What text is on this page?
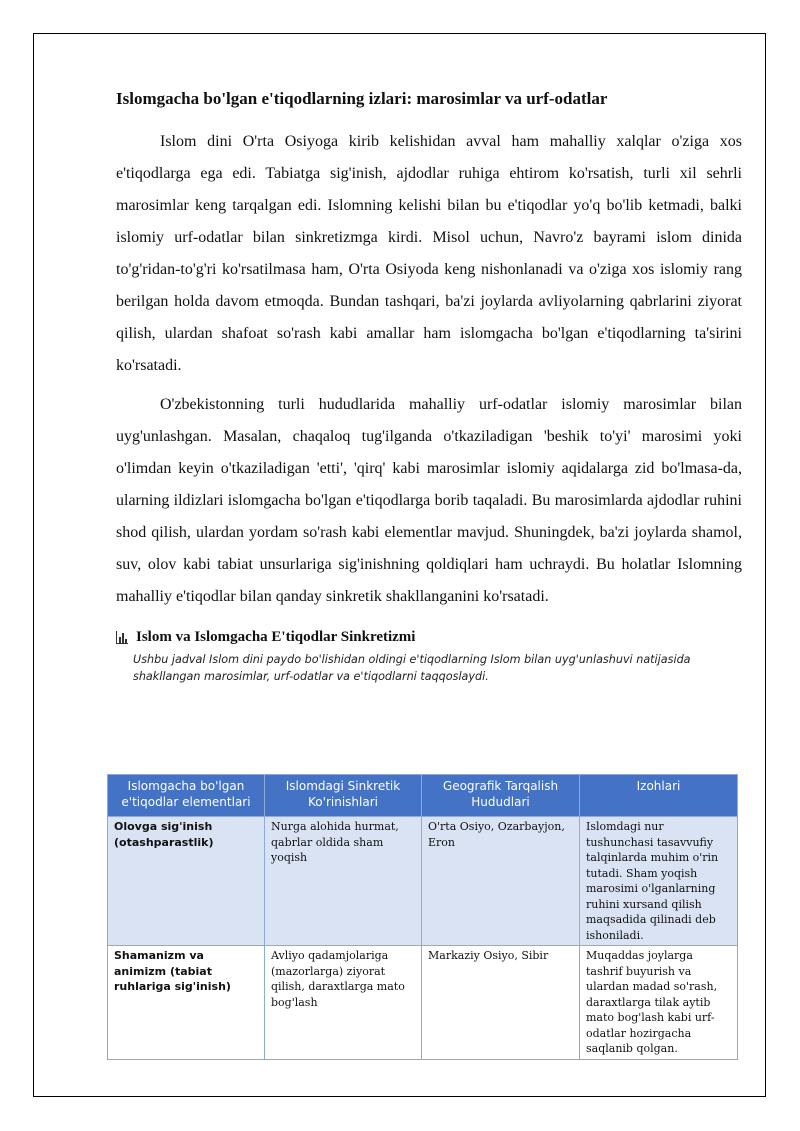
Islomgacha bo'lgan e'tiqodlarning izlari: marosimlar va urf-odatlar

Islom dini O'rta Osiyoga kirib kelishidan avval ham mahalliy xalqlar o'ziga xos e'tiqodlarga ega edi. Tabiatga sig'inish, ajdodlar ruhiga ehtirom ko'rsatish, turli xil sehrli marosimlar keng tarqalgan edi. Islomning kelishi bilan bu e'tiqodlar yo'q bo'lib ketmadi, balki islomiy urf-odatlar bilan sinkretizmga kirdi. Misol uchun, Navro'z bayrami islom dinida to'g'ridan-to'g'ri ko'rsatilmasa ham, O'rta Osiyoda keng nishonlanadi va o'ziga xos islomiy rang berilgan holda davom etmoqda. Bundan tashqari, ba'zi joylarda avliyolarning qabrlarini ziyorat qilish, ulardan shafoat so'rash kabi amallar ham islomgacha bo'lgan e'tiqodlarning ta'sirini ko'rsatadi.

O'zbekistonning turli hududlarida mahalliy urf-odatlar islomiy marosimlar bilan uyg'unlashgan. Masalan, chaqaloq tug'ilganda o'tkaziladigan 'beshik to'yi' marosimi yoki o'limdan keyin o'tkaziladigan 'etti', 'qirq' kabi marosimlar islomiy aqidalarga zid bo'lmasa-da, ularning ildizlari islomgacha bo'lgan e'tiqodlarga borib taqaladi. Bu marosimlarda ajdodlar ruhini shod qilish, ulardan yordam so'rash kabi elementlar mavjud. Shuningdek, ba'zi joylarda shamol, suv, olov kabi tabiat unsurlariga sig'inishning qoldiqlari ham uchraydi. Bu holatlar Islomning mahalliy e'tiqodlar bilan qanday sinkretik shakllanganini ko'rsatadi.

Islom va Islomgacha E'tiqodlar Sinkretizmi
Ushbu jadval Islom dini paydo bo'lishidan oldingi e'tiqodlarning Islom bilan uyg'unlashuvi natijasida shakllangan marosimlar, urf-odatlar va e'tiqodlarni taqqoslaydi.
Islomgacha bo'lgan e'tiqodlar elementlari	Islomdagi Sinkretik Ko'rinishlari	Geografik Tarqalish Hududlari	Izohlari
Olovga sig'inish (otashparastlik)	Nurga alohida hurmat, qabrlar oldida sham yoqish	O'rta Osiyo, Ozarbayjon, Eron	Islomdagi nur tushunchasi tasavvufiy talqinlarda muhim o'rin tutadi. Sham yoqish marosimi o'lganlarning ruhini xursand qilish maqsadida qilinadi deb ishoniladi.
Shamanizm va animizm (tabiat ruhlariga sig'inish)	Avliyo qadamjolariga (mazorlarga) ziyorat qilish, daraxtlarga mato bog'lash	Markaziy Osiyo, Sibir	Muqaddas joylarga tashrif buyurish va ulardan madad so'rash, daraxtlarga tilak aytib mato bog'lash kabi urf-odatlar hozirgacha saqlanib qolgan.
